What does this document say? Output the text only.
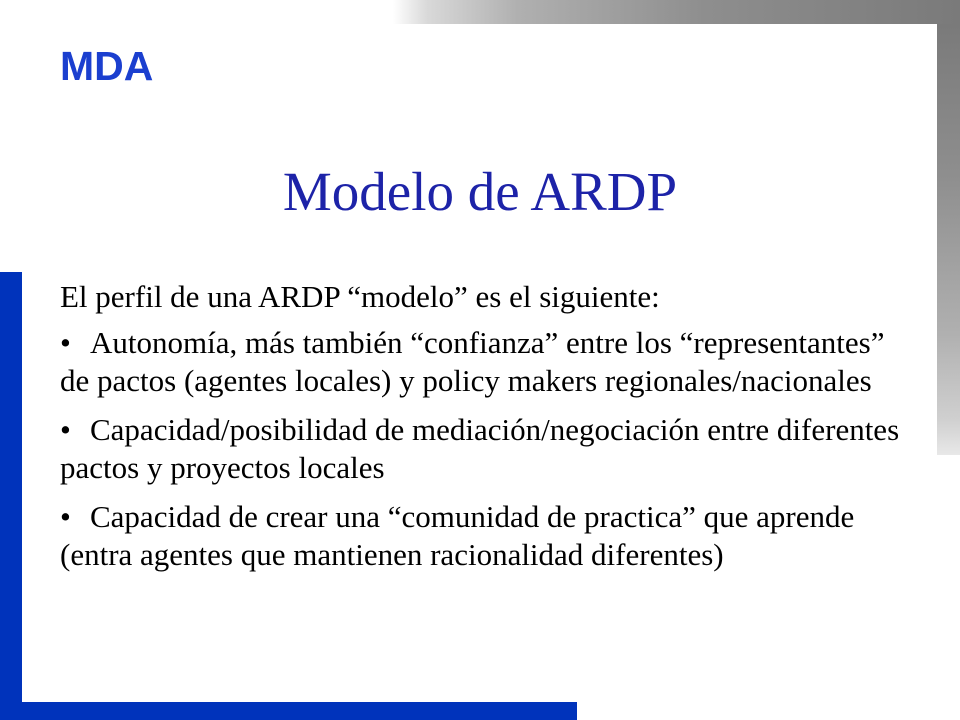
MDA
Modelo de ARDP

El perfil de una ARDP “modelo” es el siguiente:

• Autonomía, más también “confianza” entre los “representantes” de pactos (agentes locales) y policy makers regionales/nacionales
• Capacidad/posibilidad de mediación/negociación entre diferentes pactos y proyectos locales
• Capacidad de crear una “comunidad de practica” que aprende (entra agentes que mantienen racionalidad diferentes)
